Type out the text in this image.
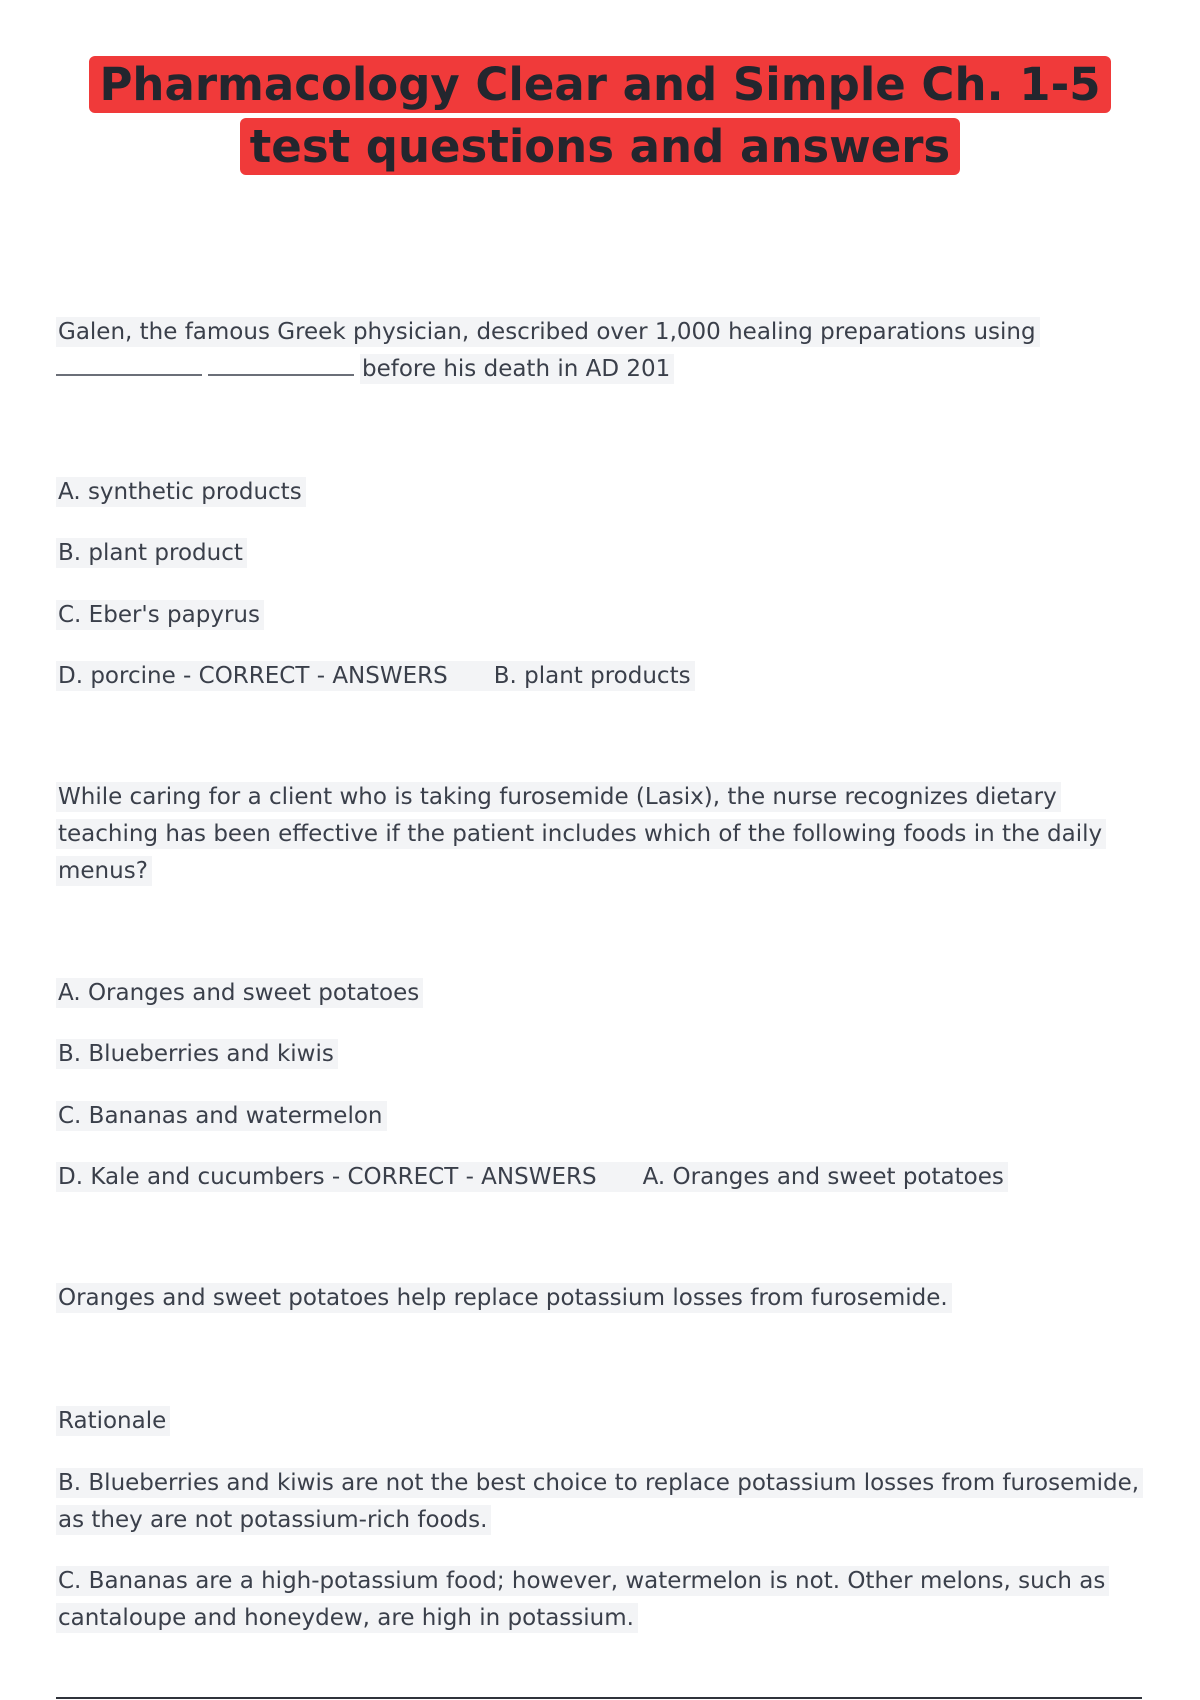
Pharmacology Clear and Simple Ch. 1-5 test questions and answers
Galen, the famous Greek physician, described over 1,000 healing preparations using
before his death in AD 201
A. synthetic products
B. plant product
C. Eber's papyrus
D. porcine - CORRECT - ANSWERS B. plant products
While caring for a client who is taking furosemide (Lasix), the nurse recognizes dietary
teaching has been effective if the patient includes which of the following foods in the daily
menus?
A. Oranges and sweet potatoes
B. Blueberries and kiwis
C. Bananas and watermelon
D. Kale and cucumbers - CORRECT - ANSWERS A. Oranges and sweet potatoes
Oranges and sweet potatoes help replace potassium losses from furosemide.
Rationale
B. Blueberries and kiwis are not the best choice to replace potassium losses from furosemide,
as they are not potassium-rich foods.
C. Bananas are a high-potassium food; however, watermelon is not. Other melons, such as
cantaloupe and honeydew, are high in potassium.
